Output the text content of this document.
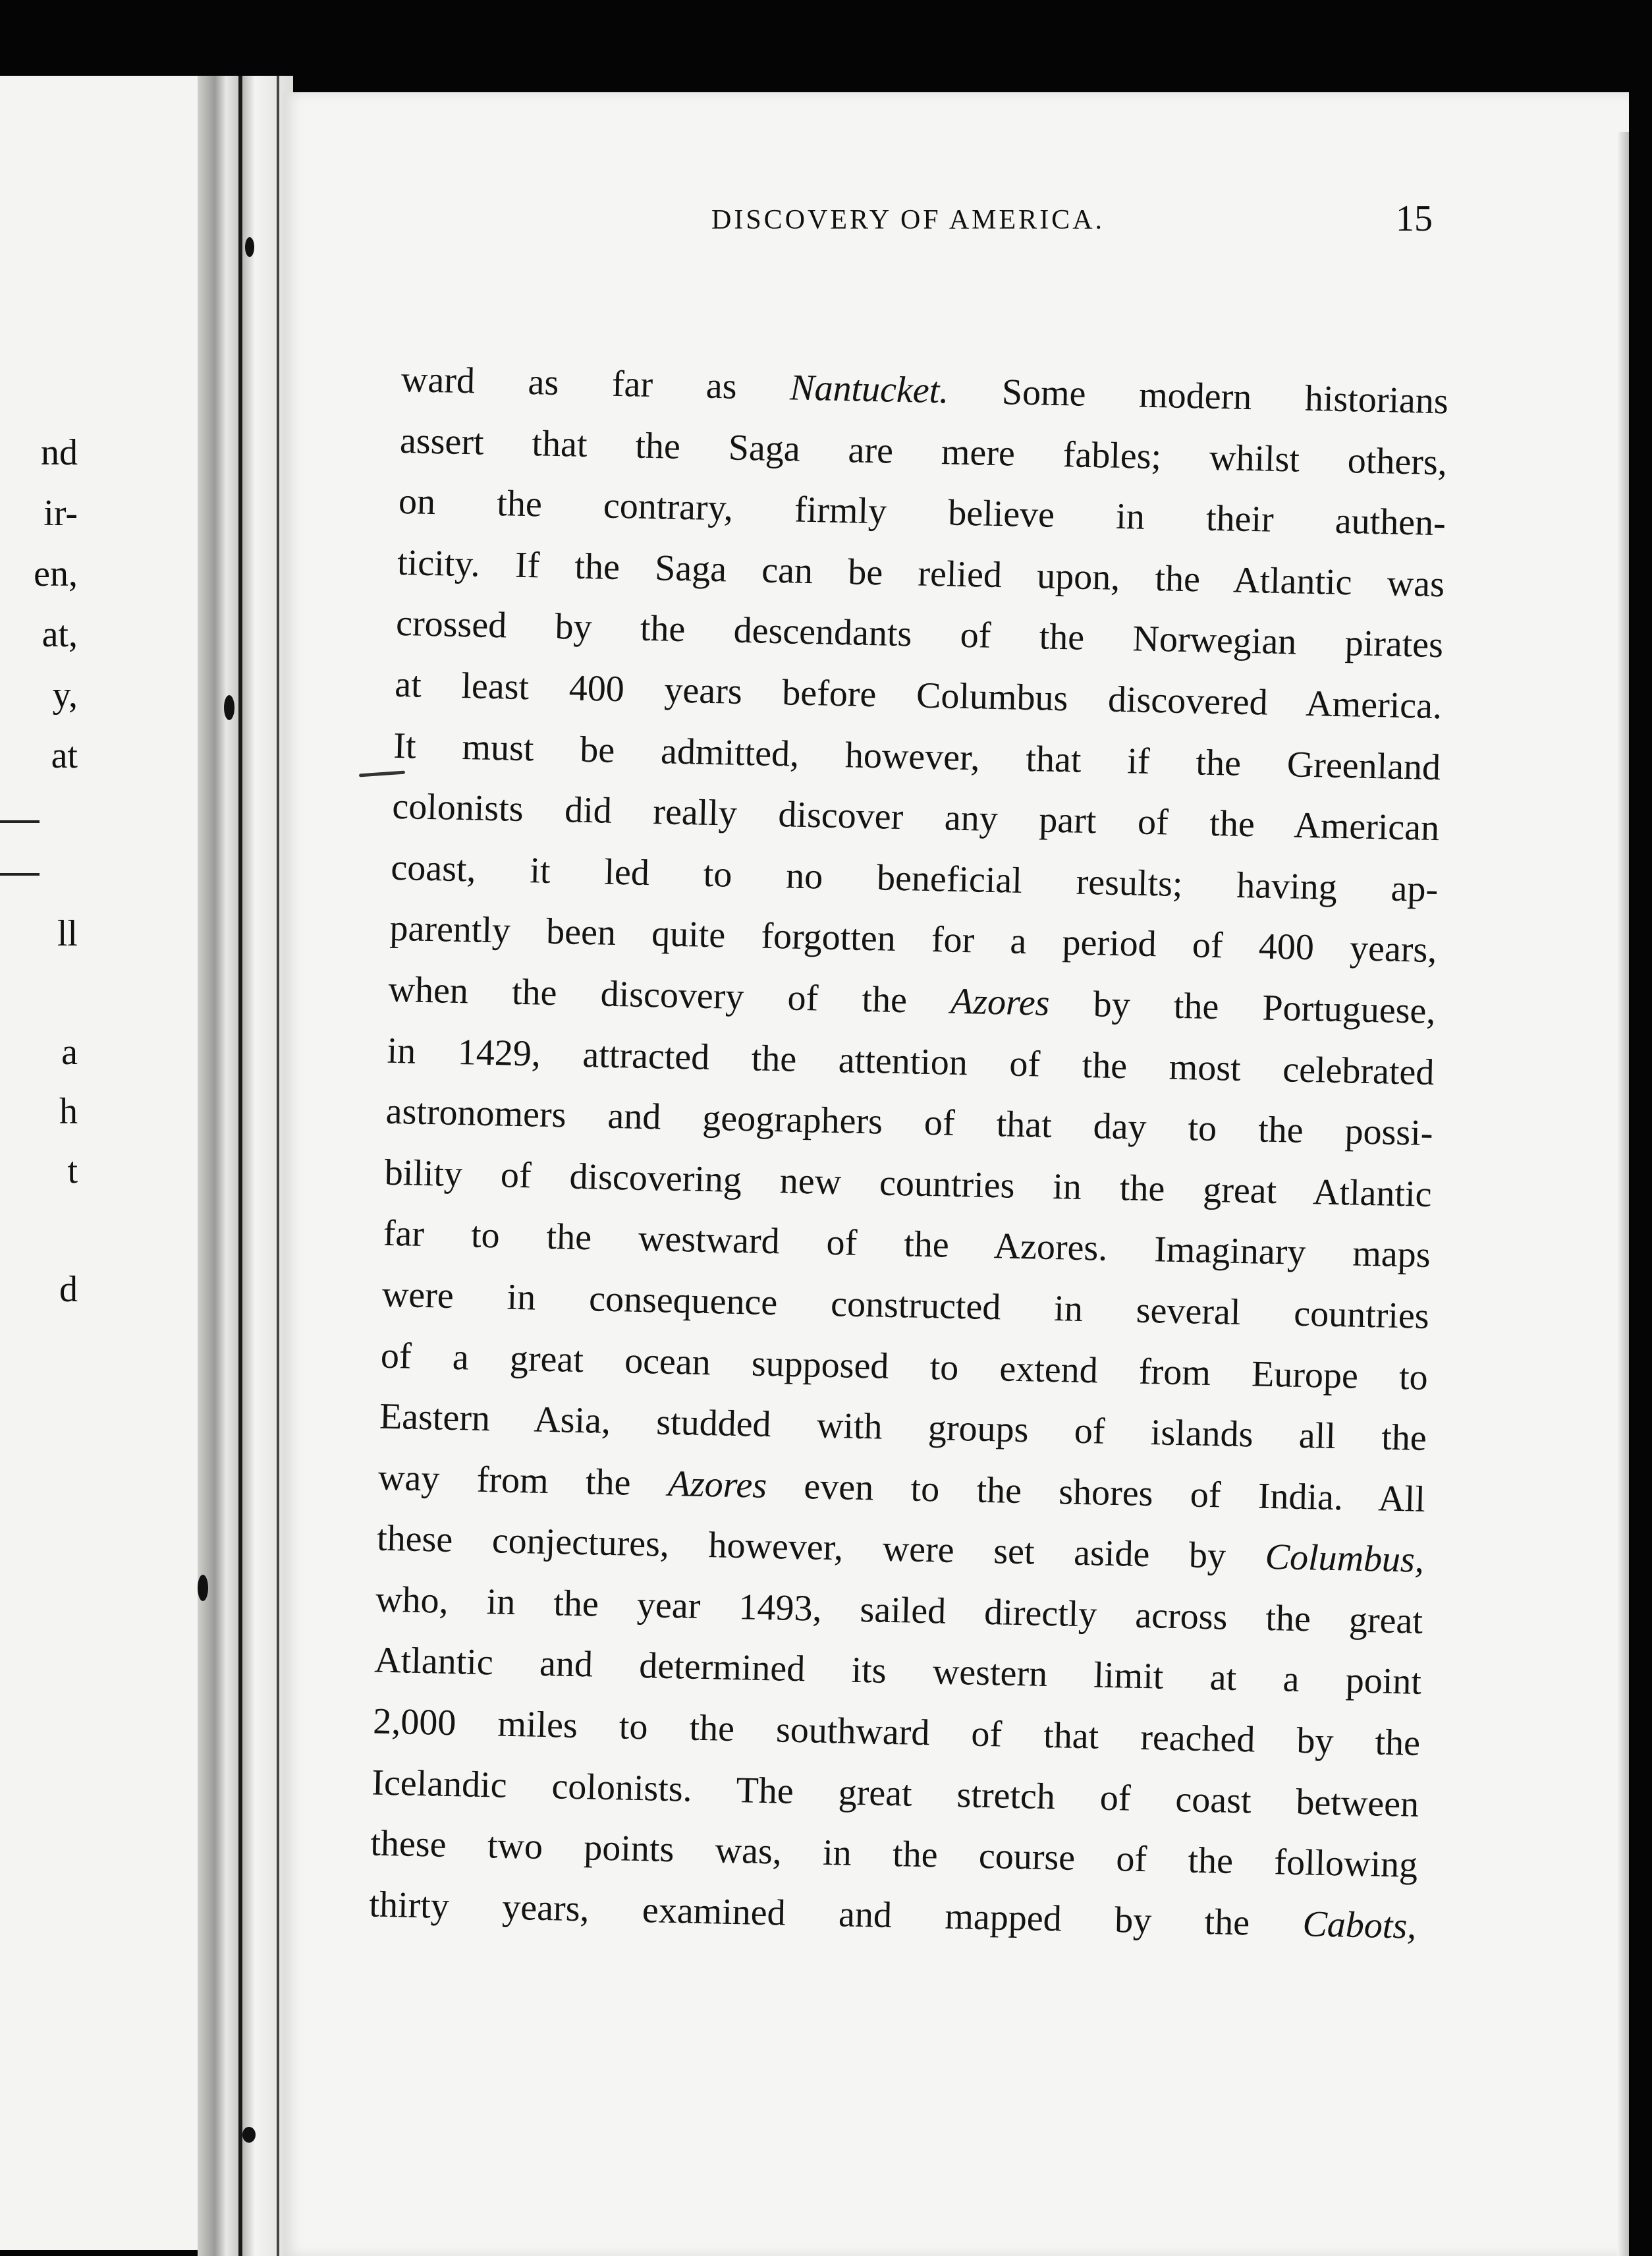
nd
ir-
en,
at,
y,
at
ll
a
h
t
d
DISCOVERY OF AMERICA.	15
ward as far as Nantucket. Some modern historians
assert that the Saga are mere fables; whilst others,
on the contrary, firmly believe in their authen-
ticity. If the Saga can be relied upon, the Atlantic was
crossed by the descendants of the Norwegian pirates
at least 400 years before Columbus discovered America.
It must be admitted, however, that if the Greenland
colonists did really discover any part of the American
coast, it led to no beneficial results; having ap-
parently been quite forgotten for a period of 400 years,
when the discovery of the Azores by the Portuguese,
in 1429, attracted the attention of the most celebrated
astronomers and geographers of that day to the possi-
bility of discovering new countries in the great Atlantic
far to the westward of the Azores. Imaginary maps
were in consequence constructed in several countries
of a great ocean supposed to extend from Europe to
Eastern Asia, studded with groups of islands all the
way from the Azores even to the shores of India. All
these conjectures, however, were set aside by Columbus,
who, in the year 1493, sailed directly across the great
Atlantic and determined its western limit at a point
2,000 miles to the southward of that reached by the
Icelandic colonists. The great stretch of coast between
these two points was, in the course of the following
thirty years, examined and mapped by the Cabots,
